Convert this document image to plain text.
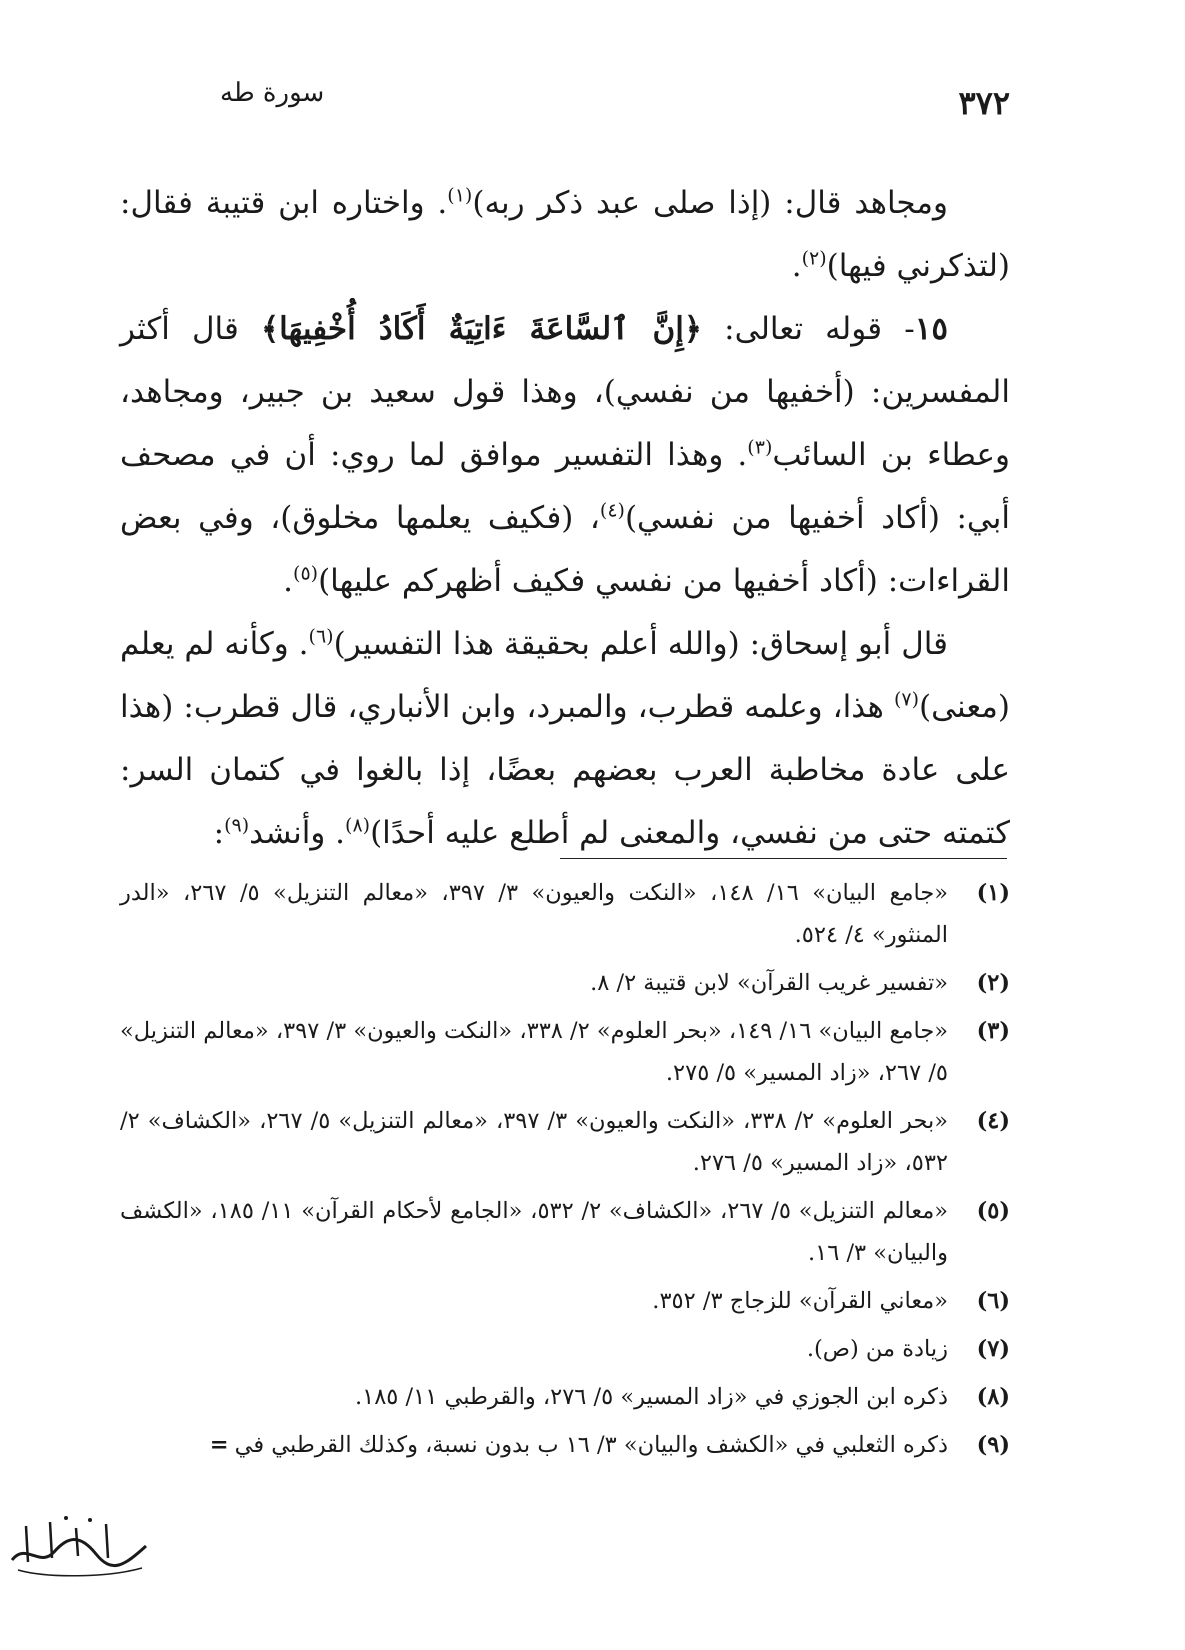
٣٧٢
سورة طه

ومجاهد قال: (إذا صلى عبد ذكر ربه)$^{(١)}$. واختاره ابن قتيبة فقال: (لتذكرني فيها)$^{(٢)}$.

١٥- قوله تعالى: ﴿إِنَّ ٱلسَّاعَةَ ءَاتِيَةٌ أَكَادُ أُخْفِيهَا﴾ قال أكثر المفسرين: (أخفيها من نفسي)، وهذا قول سعيد بن جبير، ومجاهد، وعطاء بن السائب$^{(٣)}$. وهذا التفسير موافق لما روي: أن في مصحف أبي: (أكاد أخفيها من نفسي)$^{(٤)}$، (فكيف يعلمها مخلوق)، وفي بعض القراءات: (أكاد أخفيها من نفسي فكيف أظهركم عليها)$^{(٥)}$.

قال أبو إسحاق: (والله أعلم بحقيقة هذا التفسير)$^{(٦)}$. وكأنه لم يعلم (معنى)$^{(٧)}$ هذا، وعلمه قطرب، والمبرد، وابن الأنباري، قال قطرب: (هذا على عادة مخاطبة العرب بعضهم بعضًا، إذا بالغوا في كتمان السر: كتمته حتى من نفسي، والمعنى لم أطلع عليه أحدًا)$^{(٨)}$. وأنشد$^{(٩)}$:

(١)
«جامع البيان» ١٦/ ١٤٨، «النكت والعيون» ٣/ ٣٩٧، «معالم التنزيل» ٥/ ٢٦٧، «الدر المنثور» ٤/ ٥٢٤.
(٢)
«تفسير غريب القرآن» لابن قتيبة ٢/ ٨.
(٣)
«جامع البيان» ١٦/ ١٤٩، «بحر العلوم» ٢/ ٣٣٨، «النكت والعيون» ٣/ ٣٩٧، «معالم التنزيل» ٥/ ٢٦٧، «زاد المسير» ٥/ ٢٧٥.
(٤)
«بحر العلوم» ٢/ ٣٣٨، «النكت والعيون» ٣/ ٣٩٧، «معالم التنزيل» ٥/ ٢٦٧، «الكشاف» ٢/ ٥٣٢، «زاد المسير» ٥/ ٢٧٦.
(٥)
«معالم التنزيل» ٥/ ٢٦٧، «الكشاف» ٢/ ٥٣٢، «الجامع لأحكام القرآن» ١١/ ١٨٥، «الكشف والبيان» ٣/ ١٦.
(٦)
«معاني القرآن» للزجاج ٣/ ٣٥٢.
(٧)
زيادة من (ص).
(٨)
ذكره ابن الجوزي في «زاد المسير» ٥/ ٢٧٦، والقرطبي ١١/ ١٨٥.
(٩)
ذكره الثعلبي في «الكشف والبيان» ٣/ ١٦ ب بدون نسبة، وكذلك القرطبي في=
